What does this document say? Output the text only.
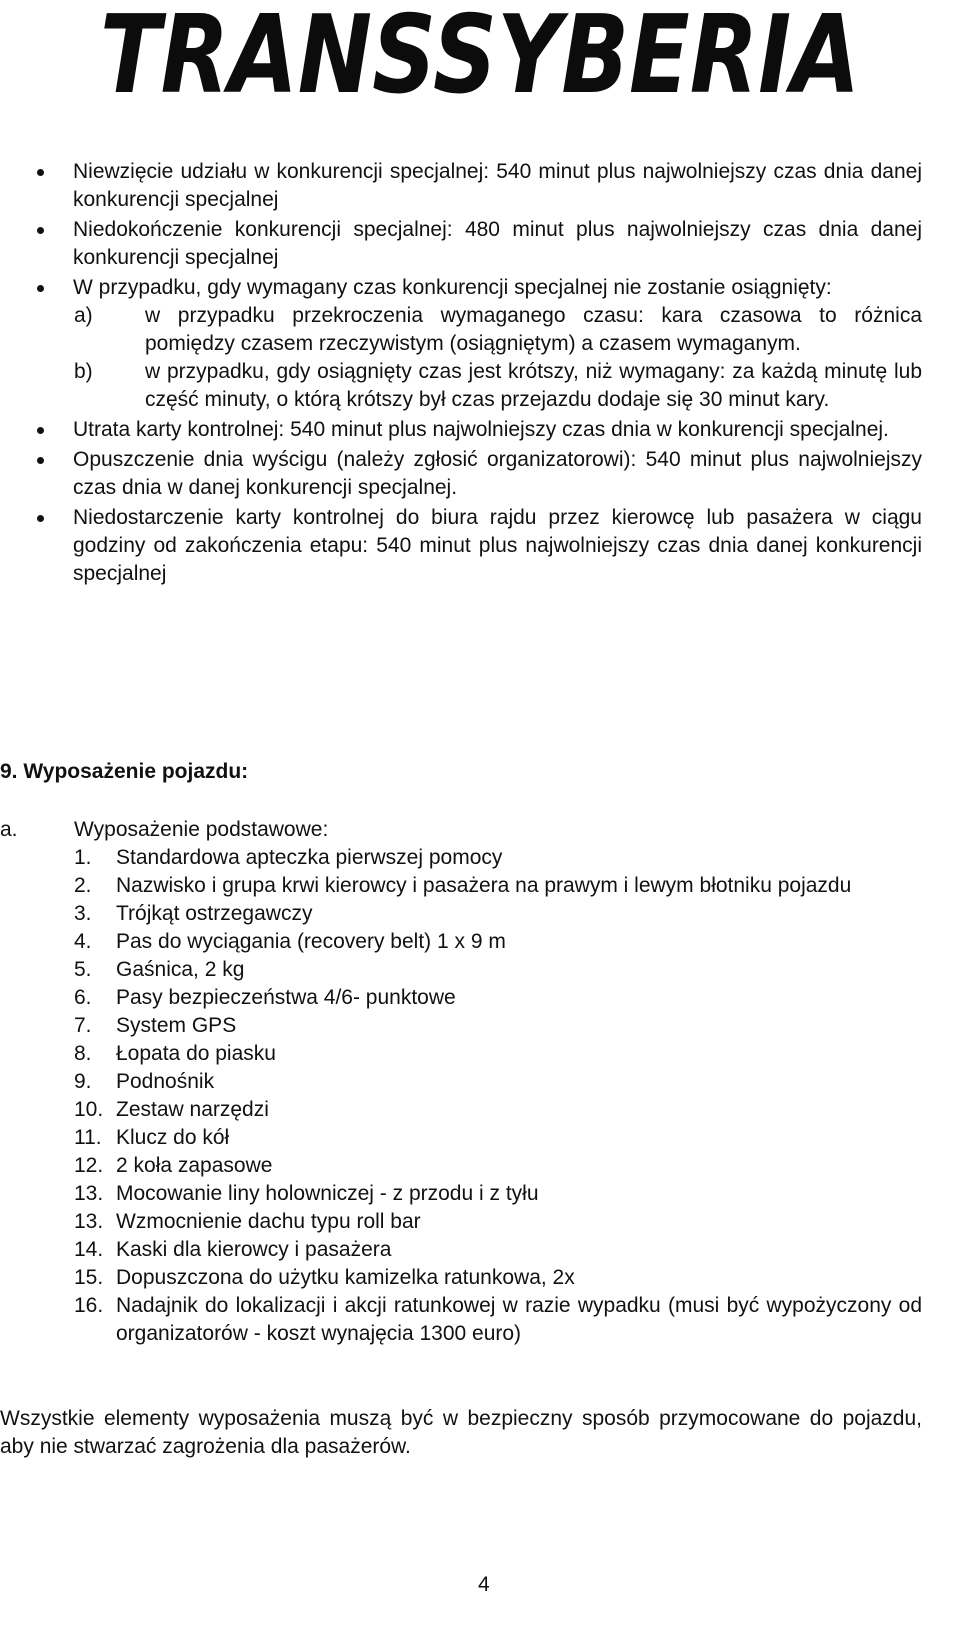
TRANSSYBERIA
Niewzięcie udziału w konkurencji specjalnej: 540 minut plus najwolniejszy czas dnia danej konkurencji specjalnej
Niedokończenie konkurencji specjalnej: 480 minut plus najwolniejszy czas dnia danej konkurencji specjalnej
W przypadku, gdy wymagany czas konkurencji specjalnej nie zostanie osiągnięty:
a) w przypadku przekroczenia wymaganego czasu: kara czasowa to różnica pomiędzy czasem rzeczywistym (osiągniętym) a czasem wymaganym.
b) w przypadku, gdy osiągnięty czas jest krótszy, niż wymagany: za każdą minutę lub część minuty, o którą krótszy był czas przejazdu dodaje się 30 minut kary.
Utrata karty kontrolnej: 540 minut plus najwolniejszy czas dnia w konkurencji specjalnej.
Opuszczenie dnia wyścigu (należy zgłosić organizatorowi): 540 minut plus najwolniejszy czas dnia w danej konkurencji specjalnej.
Niedostarczenie karty kontrolnej do biura rajdu przez kierowcę lub pasażera w ciągu godziny od zakończenia etapu: 540 minut plus najwolniejszy czas dnia danej konkurencji specjalnej
9. Wyposażenie pojazdu:
a.	Wyposażenie podstawowe:
1. Standardowa apteczka pierwszej pomocy
2. Nazwisko i grupa krwi kierowcy i pasażera na prawym i lewym błotniku pojazdu
3. Trójkąt ostrzegawczy
4. Pas do wyciągania (recovery belt) 1 x 9 m
5. Gaśnica, 2 kg
6. Pasy bezpieczeństwa 4/6- punktowe
7. System GPS
8. Łopata do piasku
9. Podnośnik
10. Zestaw narzędzi
11. Klucz do kół
12. 2 koła zapasowe
13. Mocowanie liny holowniczej - z przodu i z tyłu
13. Wzmocnienie dachu typu roll bar
14. Kaski dla kierowcy i pasażera
15. Dopuszczona do użytku kamizelka ratunkowa, 2x
16. Nadajnik do lokalizacji i akcji ratunkowej w razie wypadku (musi być wypożyczony od organizatorów - koszt wynajęcia 1300 euro)
Wszystkie elementy wyposażenia muszą być w bezpieczny sposób przymocowane do pojazdu, aby nie stwarzać zagrożenia dla pasażerów.
4
